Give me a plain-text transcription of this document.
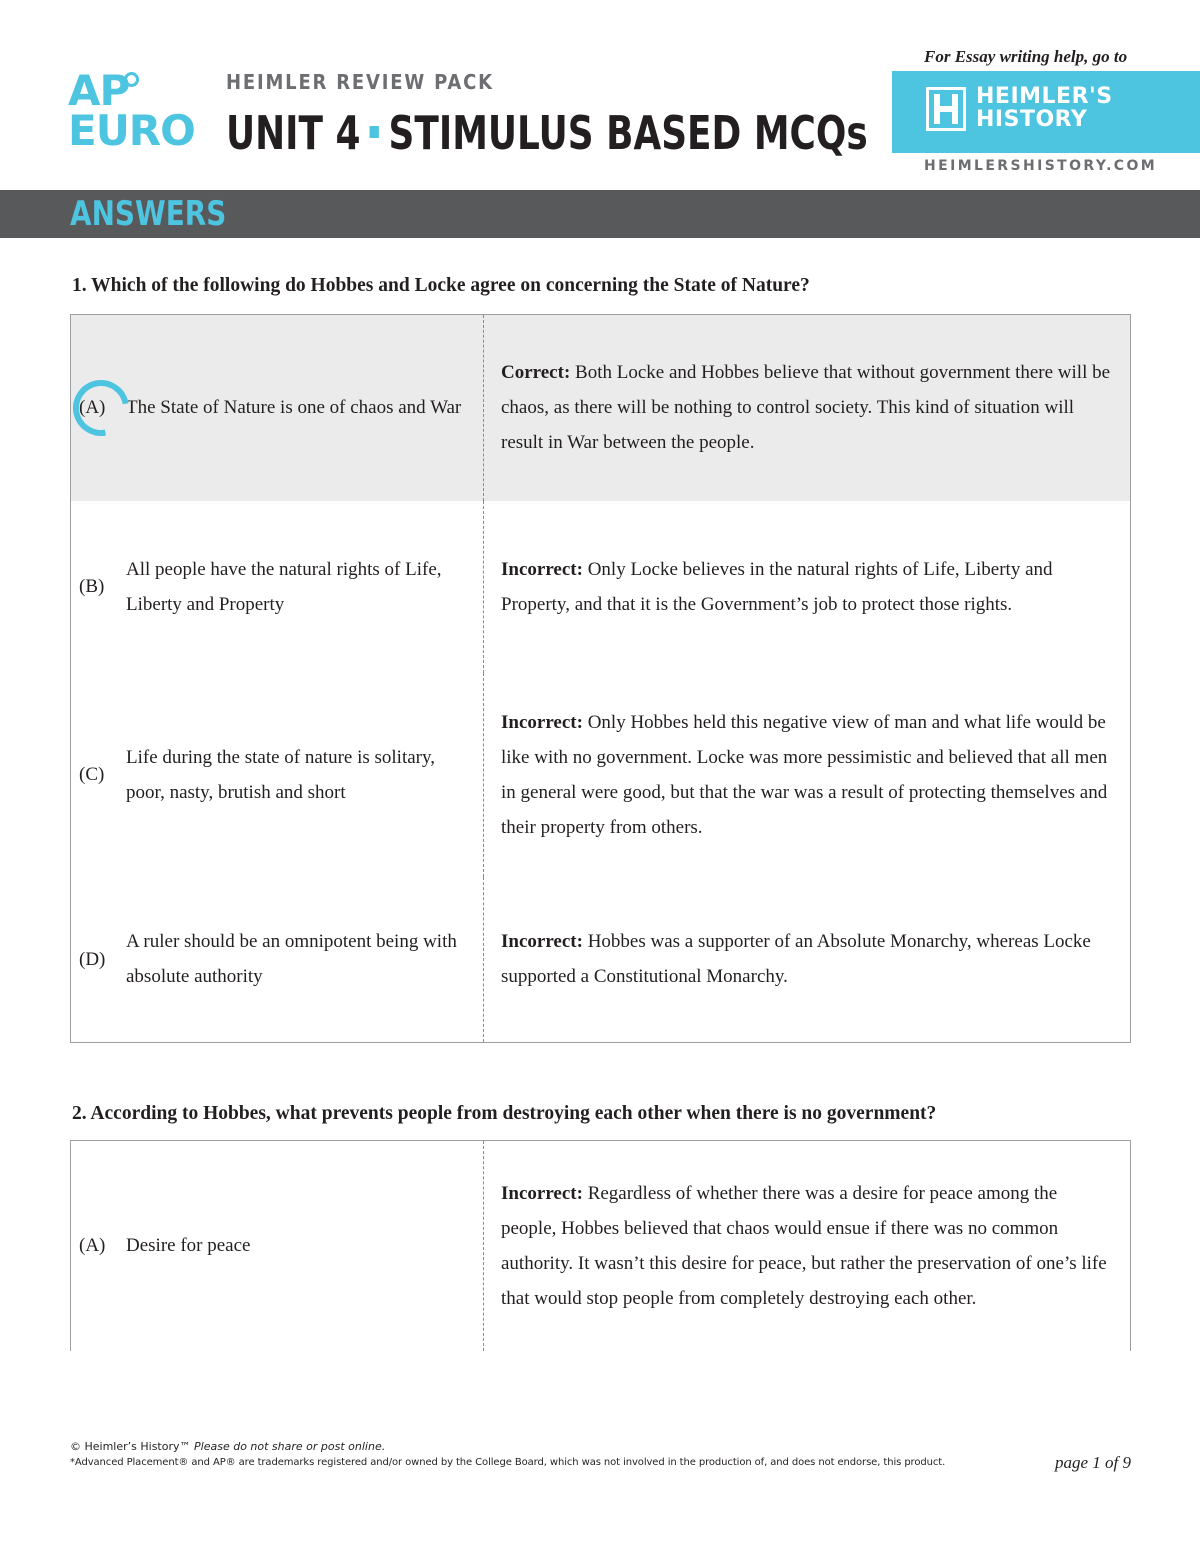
AP
EURO
HEIMLER REVIEW PACK
UNIT 4 STIMULUS BASED MCQs
For Essay writing help, go to
HEIMLER'S
HISTORY
HEIMLERSHISTORY.COM
ANSWERS
1. Which of the following do Hobbes and Locke agree on concerning the State of Nature?
(A) The State of Nature is one of chaos and War	Correct: Both Locke and Hobbes believe that without government there will be chaos, as there will be nothing to control society. This kind of situation will result in War between the people.

(B)
All people have the natural rights of Life, Liberty and Property	Incorrect: Only Locke believes in the natural rights of Life, Liberty and Property, and that it is the Government’s job to protect those rights.

(C)
Life during the state of nature is solitary, poor, nasty, brutish and short	Incorrect: Only Hobbes held this negative view of man and what life would be like with no government. Locke was more pessimistic and believed that all men in general were good, but that the war was a result of protecting themselves and their property from others.

(D)
A ruler should be an omnipotent being with absolute authority	Incorrect: Hobbes was a supporter of an Absolute Monarchy, whereas Locke supported a Constitutional Monarchy.
2. According to Hobbes, what prevents people from destroying each other when there is no government?
(A)	Desire for peace
	Incorrect: Regardless of whether there was a desire for peace among the people, Hobbes believed that chaos would ensue if there was no common authority. It wasn’t this desire for peace, but rather the preservation of one’s life that would stop people from completely destroying each other.
© Heimler’s History™ Please do not share or post online.
*Advanced Placement® and AP® are trademarks registered and/or owned by the College Board, which was not involved in the production of, and does not endorse, this product.	page 1 of 9
